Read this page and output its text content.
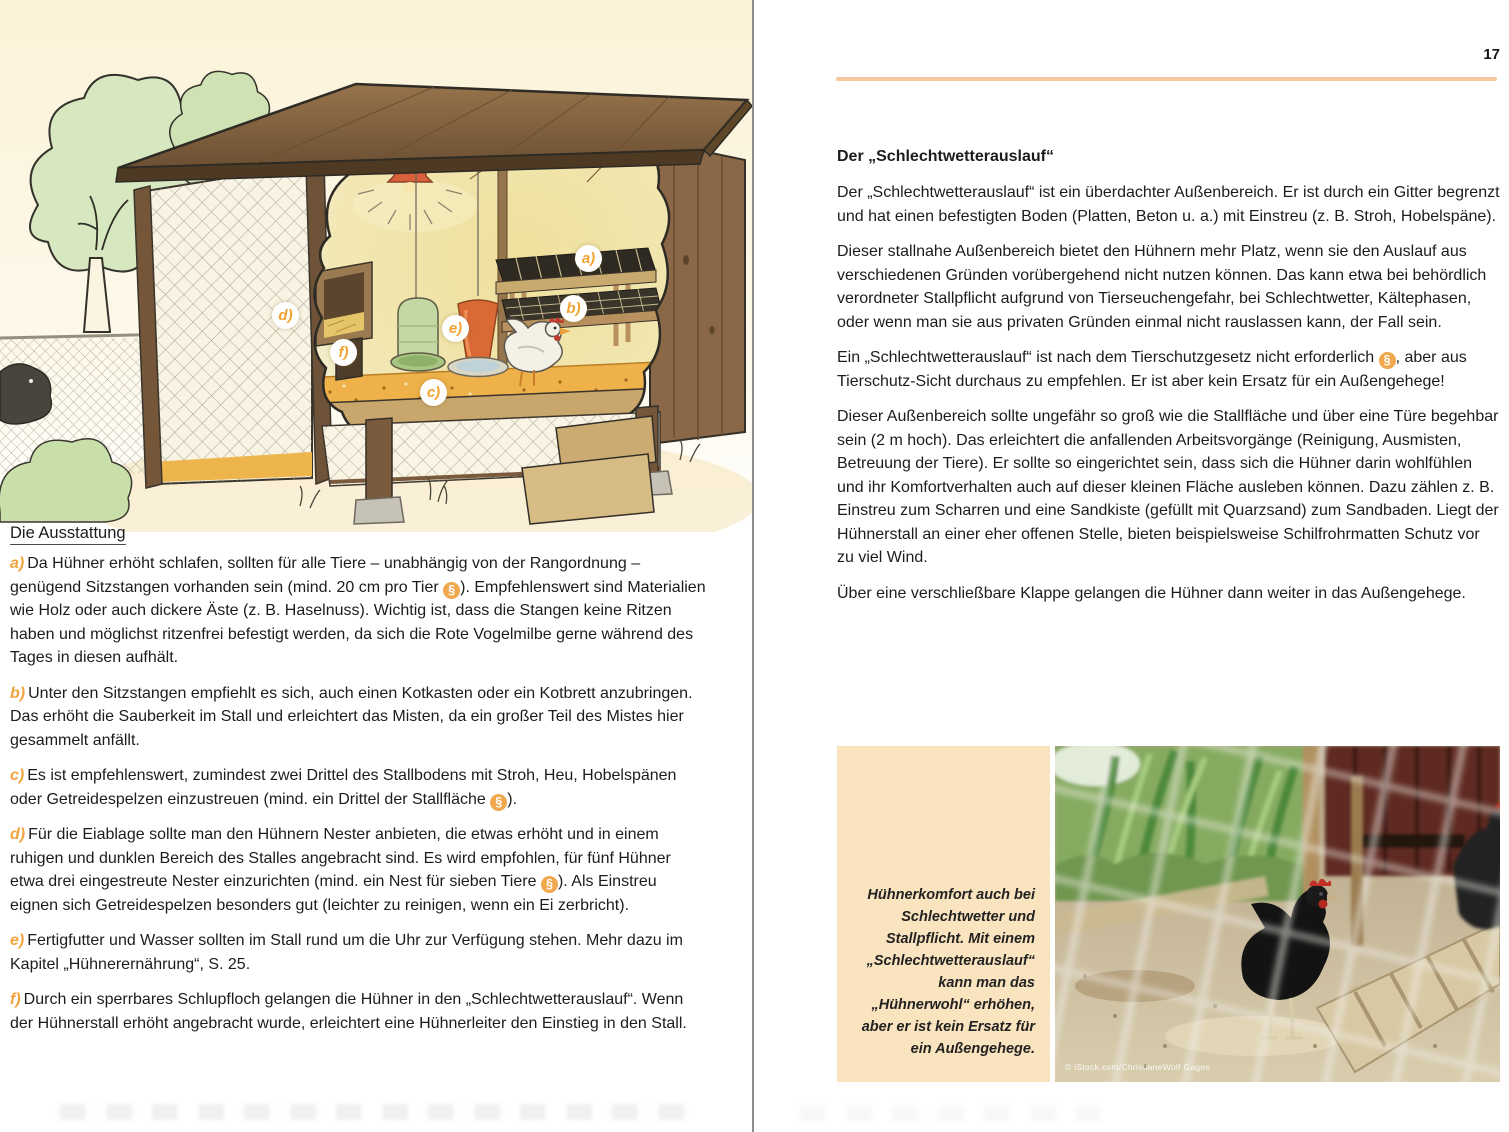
a)
b)
c)
d)
e)
f)
Die Ausstattung

a) Da Hühner erhöht schlafen, sollten für alle Tiere – unabhängig von der Rangordnung – genügend Sitzstangen vorhanden sein (mind. 20 cm pro Tier § ). Empfehlenswert sind Materialien wie Holz oder auch dickere Äste (z. B. Haselnuss). Wichtig ist, dass die Stangen keine Ritzen haben und möglichst ritzenfrei befestigt werden, da sich die Rote Vogelmilbe gerne während des Tages in diesen aufhält.

b) Unter den Sitzstangen empfiehlt es sich, auch einen Kotkasten oder ein Kotbrett anzubringen. Das erhöht die Sauberkeit im Stall und erleichtert das Misten, da ein großer Teil des Mistes hier gesammelt anfällt.

c) Es ist empfehlenswert, zumindest zwei Drittel des Stallbodens mit Stroh, Heu, Hobelspänen oder Getreidespelzen einzustreuen (mind. ein Drittel der Stallfläche § ).

d) Für die Eiablage sollte man den Hühnern Nester anbieten, die etwas erhöht und in einem ruhigen und dunklen Bereich des Stalles angebracht sind. Es wird empfohlen, für fünf Hühner etwa drei eingestreute Nester einzurichten (mind. ein Nest für sieben Tiere § ). Als Einstreu eignen sich Getreidespelzen besonders gut (leichter zu reinigen, wenn ein Ei zerbricht).

e) Fertigfutter und Wasser sollten im Stall rund um die Uhr zur Verfügung stehen. Mehr dazu im Kapitel „Hühnerernährung“, S. 25.

f) Durch ein sperrbares Schlupfloch gelangen die Hühner in den „Schlechtwetterauslauf“. Wenn der Hühnerstall erhöht angebracht wurde, erleichtert eine Hühnerleiter den Einstieg in den Stall.

17
Der „Schlechtwetterauslauf“

Der „Schlechtwetterauslauf“ ist ein überdachter Außenbereich. Er ist durch ein Gitter begrenzt und hat einen befestigten Boden (Platten, Beton u. a.) mit Einstreu (z. B. Stroh, Hobelspäne).

Dieser stallnahe Außenbereich bietet den Hühnern mehr Platz, wenn sie den Auslauf aus verschiedenen Gründen vorübergehend nicht nutzen können. Das kann etwa bei behördlich verordneter Stallpflicht aufgrund von Tierseuchengefahr, bei Schlechtwetter, Kältephasen, oder wenn man sie aus privaten Gründen einmal nicht rauslassen kann, der Fall sein.

Ein „Schlechtwetterauslauf“ ist nach dem Tierschutzgesetz nicht erforderlich § , aber aus Tierschutz-Sicht durchaus zu empfehlen. Er ist aber kein Ersatz für ein Außengehege!

Dieser Außenbereich sollte ungefähr so groß wie die Stallfläche und über eine Türe begehbar sein (2 m hoch). Das erleichtert die anfallenden Arbeitsvorgänge (Reinigung, Ausmisten, Betreuung der Tiere). Er sollte so eingerichtet sein, dass sich die Hühner darin wohlfühlen und ihr Komfortverhalten auch auf dieser kleinen Fläche ausleben können. Dazu zählen z. B. Einstreu zum Scharren und eine Sandkiste (gefüllt mit Quarzsand) zum Sandbaden. Liegt der Hühnerstall an einer eher offenen Stelle, bieten beispielsweise Schilfrohrmatten Schutz vor zu viel Wind.

Über eine verschließbare Klappe gelangen die Hühner dann weiter in das Außengehege.

Hühnerkomfort auch bei Schlechtwetter und Stallpflicht. Mit einem „Schlechtwetterauslauf“ kann man das „Hühnerwohl“ erhöhen, aber er ist kein Ersatz für ein Außengehege.
© iStock.com/ChristianeWolf Gages
